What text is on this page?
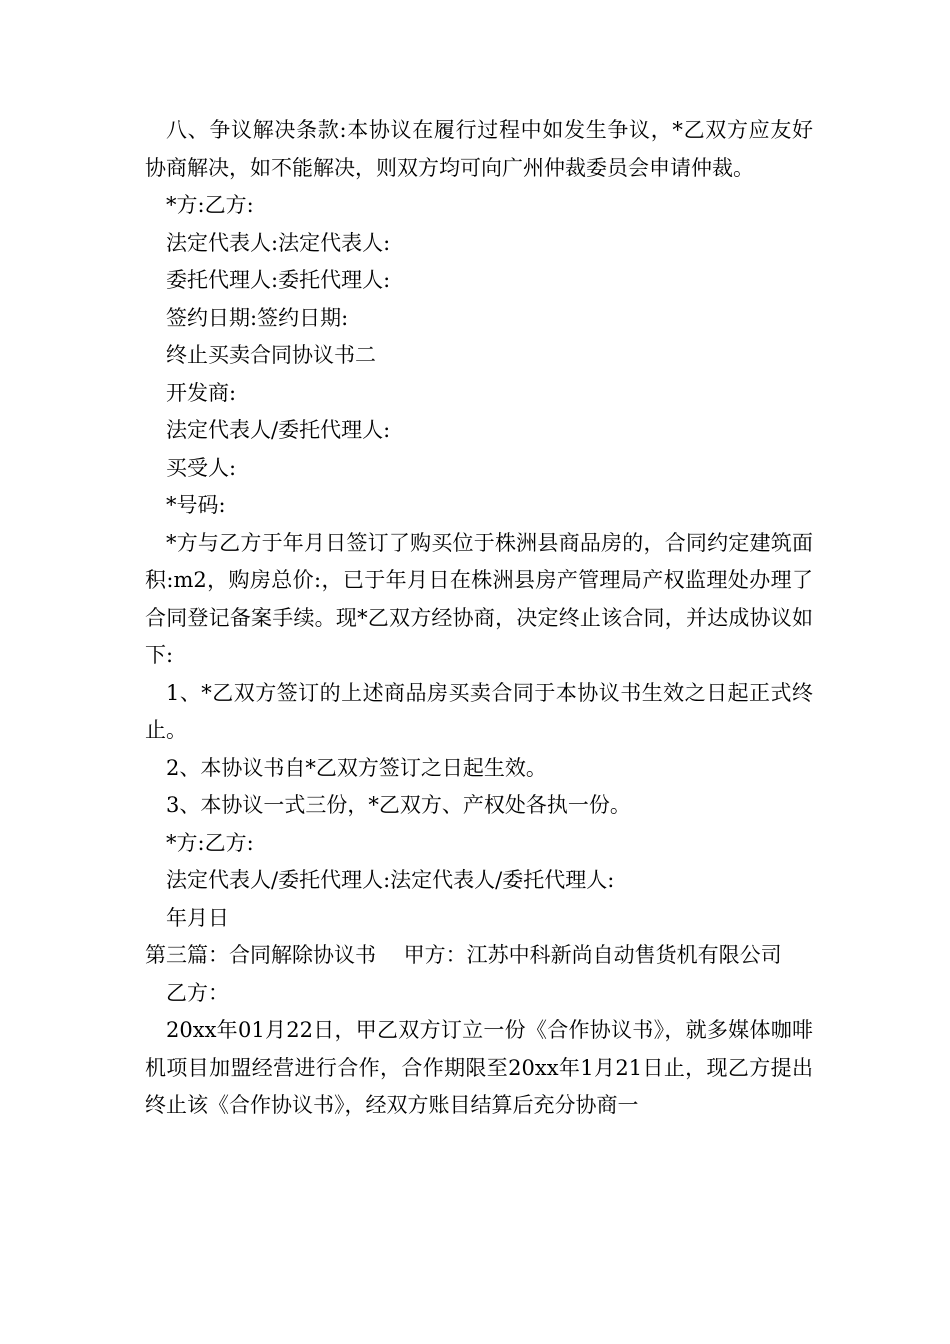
八、争议解决条款:本协议在履行过程中如发生争议，*乙双方应友好协商解决，如不能解决，则双方均可向广州仲裁委员会申请仲裁。

*方:乙方:

法定代表人:法定代表人:

委托代理人:委托代理人:

签约日期:签约日期:

终止买卖合同协议书二

开发商:

法定代表人/委托代理人:

买受人:

*号码:

*方与乙方于年月日签订了购买位于株洲县商品房的，合同约定建筑面积:m2，购房总价:，已于年月日在株洲县房产管理局产权监理处办理了合同登记备案手续。现*乙双方经协商，决定终止该合同，并达成协议如下:

1、*乙双方签订的上述商品房买卖合同于本协议书生效之日起正式终止。

2、本协议书自*乙双方签订之日起生效。

3、本协议一式三份，*乙双方、产权处各执一份。

*方:乙方:

法定代表人/委托代理人:法定代表人/委托代理人:

年月日

第三篇：合同解除协议书　 甲方：江苏中科新尚自动售货机有限公司

乙方：

20xx年01月22日，甲乙双方订立一份《合作协议书》，就多媒体咖啡机项目加盟经营进行合作，合作期限至20xx年1月21日止，现乙方提出终止该《合作协议书》，经双方账目结算后充分协商一
